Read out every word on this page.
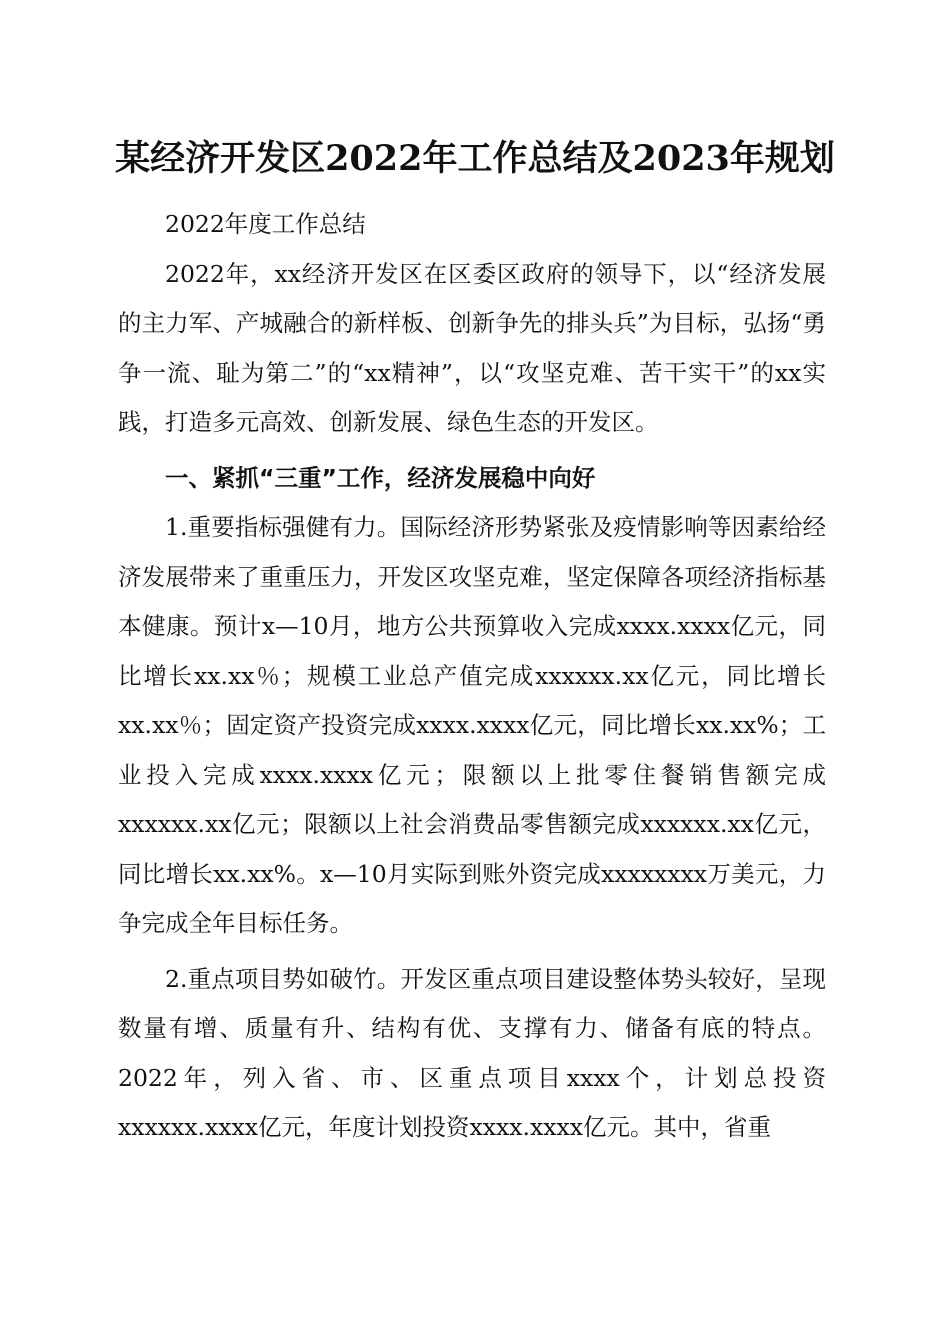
某经济开发区2022年工作总结及2023年规划

2022年度工作总结

2022年，xx经济开发区在区委区政府的领导下，以“经济发展的主力军、产城融合的新样板、创新争先的排头兵”为目标，弘扬“勇争一流、耻为第二”的“xx精神”，以“攻坚克难、苦干实干”的xx实践，打造多元高效、创新发展、绿色生态的开发区。

一、紧抓“三重”工作，经济发展稳中向好

1.重要指标强健有力。国际经济形势紧张及疫情影响等因素给经济发展带来了重重压力，开发区攻坚克难，坚定保障各项经济指标基本健康。预计x—10月，地方公共预算收入完成xxxx.xxxx亿元，同比增长xx.xx％；规模工业总产值完成xxxxxx.xx亿元，同比增长xx.xx％；固定资产投资完成xxxx.xxxx亿元，同比增长xx.xx%；工业投入完成xxxx.xxxx亿元；限额以上批零住餐销售额完成xxxxxx.xx亿元；限额以上社会消费品零售额完成xxxxxx.xx亿元，同比增长xx.xx%。x—10月实际到账外资完成xxxxxxxx万美元，力争完成全年目标任务。

2.重点项目势如破竹。开发区重点项目建设整体势头较好，呈现数量有增、质量有升、结构有优、支撑有力、储备有底的特点。2022年，列入省、市、区重点项目xxxx个，计划总投资xxxxxx.xxxx亿元，年度计划投资xxxx.xxxx亿元。其中，省重
